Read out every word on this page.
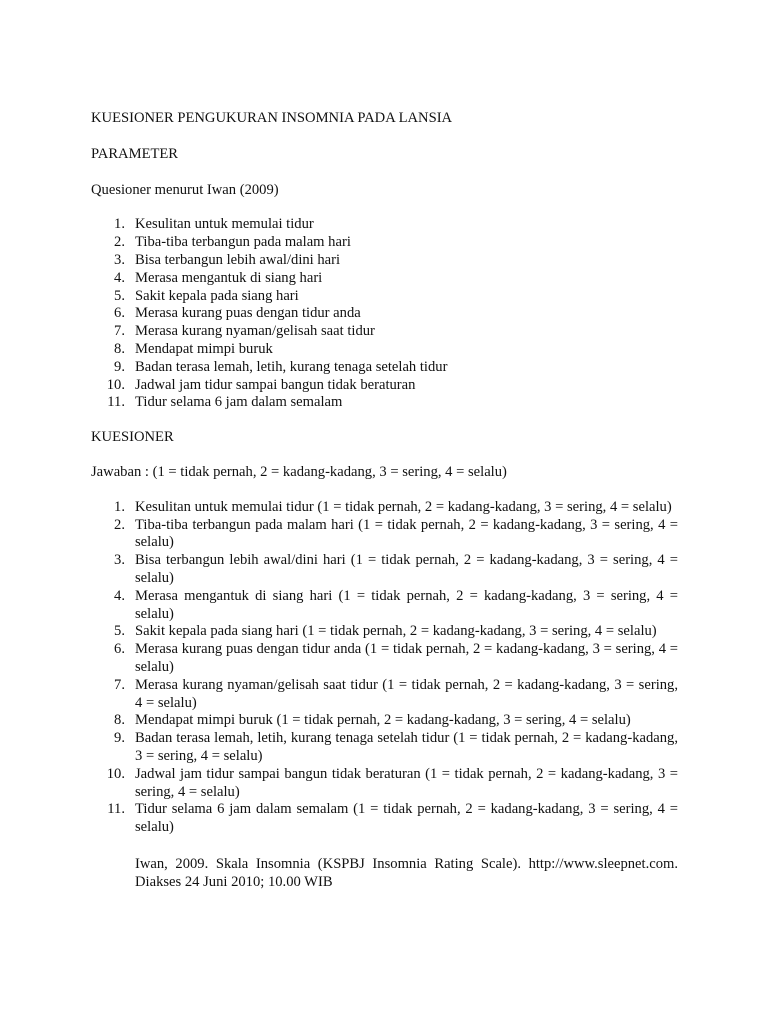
KUESIONER PENGUKURAN INSOMNIA PADA LANSIA

PARAMETER

Quesioner menurut Iwan (2009)

1. Kesulitan untuk memulai tidur
2. Tiba-tiba terbangun pada malam hari
3. Bisa terbangun lebih awal/dini hari
4. Merasa mengantuk di siang hari
5. Sakit kepala pada siang hari
6. Merasa kurang puas dengan tidur anda
7. Merasa kurang nyaman/gelisah saat tidur
8. Mendapat mimpi buruk
9. Badan terasa lemah, letih, kurang tenaga setelah tidur
10. Jadwal jam tidur sampai bangun tidak beraturan
11. Tidur selama 6 jam dalam semalam

KUESIONER

Jawaban : (1 = tidak pernah, 2 = kadang-kadang, 3 = sering, 4 = selalu)

1. Kesulitan untuk memulai tidur (1 = tidak pernah, 2 = kadang-kadang, 3 = sering, 4 = selalu)
2. Tiba-tiba terbangun pada malam hari (1 = tidak pernah, 2 = kadang-kadang, 3 = sering, 4 = selalu)
3. Bisa terbangun lebih awal/dini hari (1 = tidak pernah, 2 = kadang-kadang, 3 = sering, 4 = selalu)
4. Merasa mengantuk di siang hari (1 = tidak pernah, 2 = kadang-kadang, 3 = sering, 4 = selalu)
5. Sakit kepala pada siang hari (1 = tidak pernah, 2 = kadang-kadang, 3 = sering, 4 = selalu)
6. Merasa kurang puas dengan tidur anda (1 = tidak pernah, 2 = kadang-kadang, 3 = sering, 4 = selalu)
7. Merasa kurang nyaman/gelisah saat tidur (1 = tidak pernah, 2 = kadang-kadang, 3 = sering, 4 = selalu)
8. Mendapat mimpi buruk (1 = tidak pernah, 2 = kadang-kadang, 3 = sering, 4 = selalu)
9. Badan terasa lemah, letih, kurang tenaga setelah tidur (1 = tidak pernah, 2 = kadang-kadang, 3 = sering, 4 = selalu)
10. Jadwal jam tidur sampai bangun tidak beraturan (1 = tidak pernah, 2 = kadang-kadang, 3 = sering, 4 = selalu)
11. Tidur selama 6 jam dalam semalam (1 = tidak pernah, 2 = kadang-kadang, 3 = sering, 4 = selalu)

Iwan, 2009. Skala Insomnia (KSPBJ Insomnia Rating Scale). http://www.sleepnet.com. Diakses 24 Juni 2010; 10.00 WIB
